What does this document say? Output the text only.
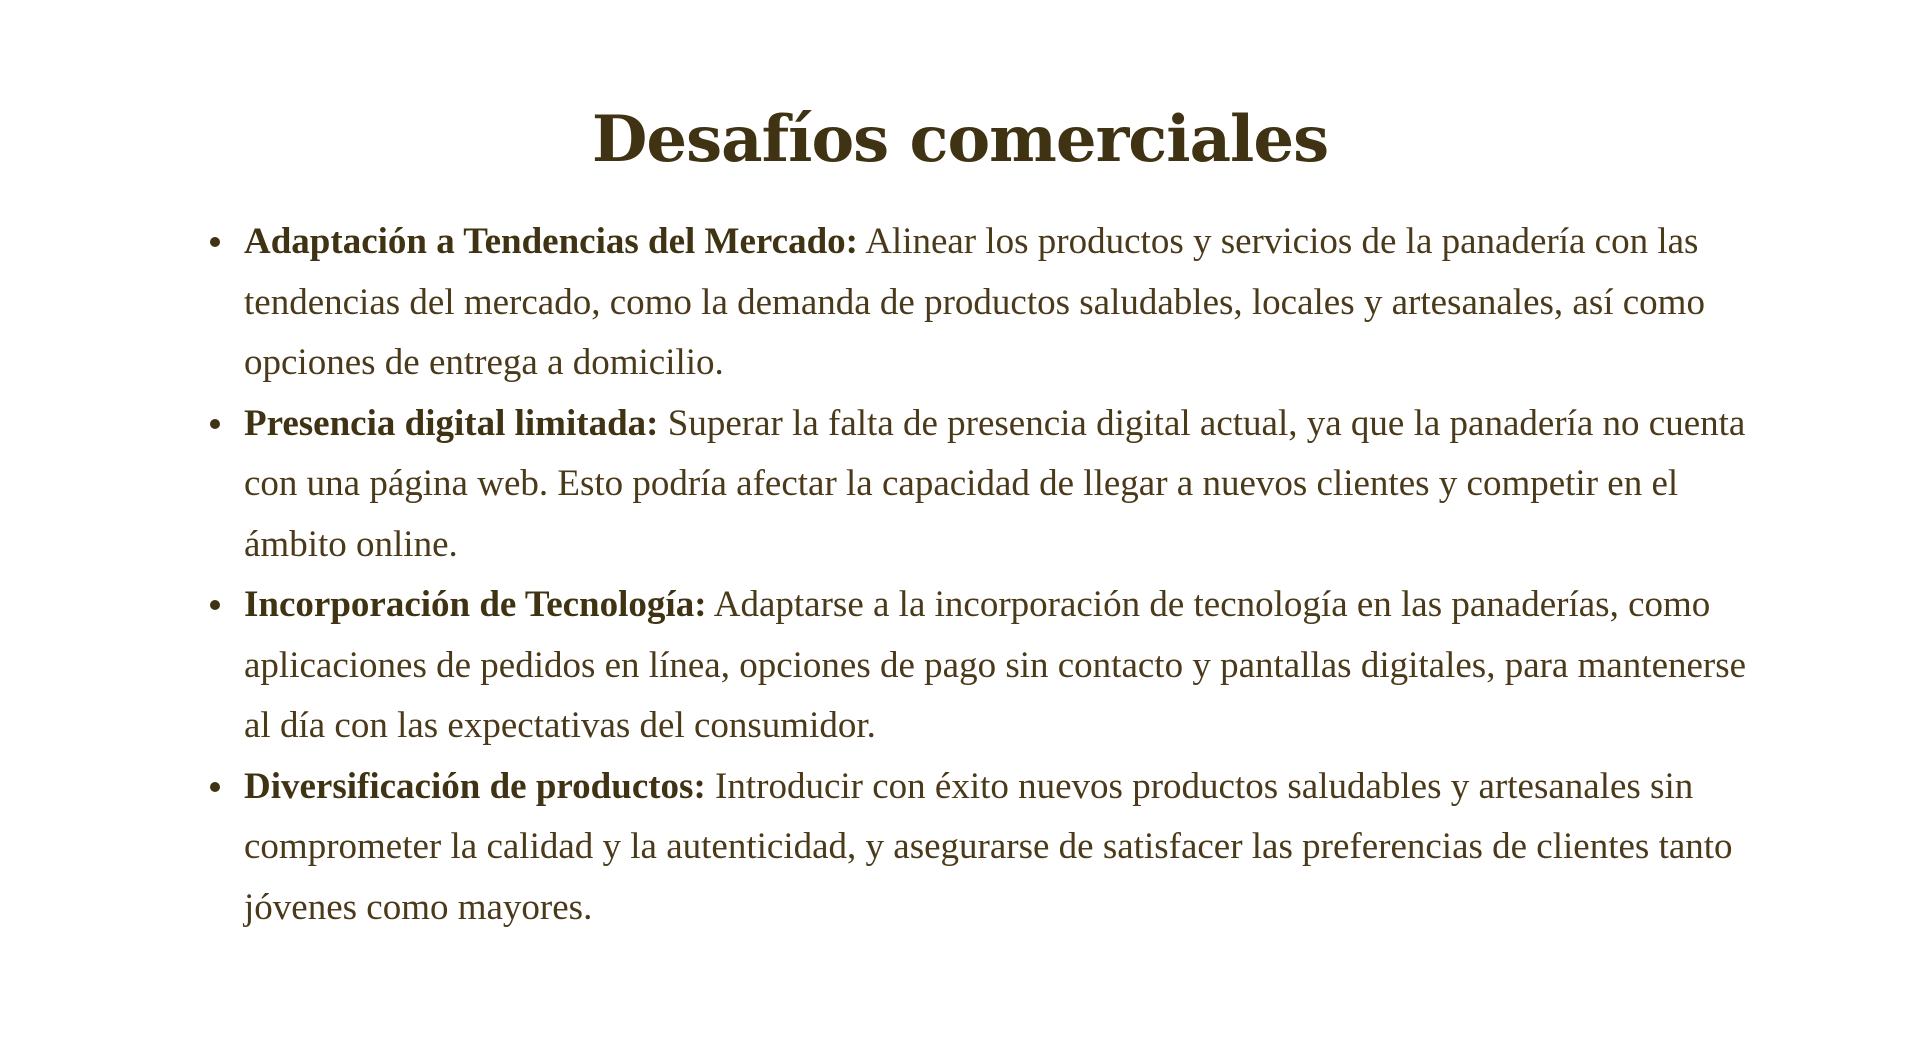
Desafíos comerciales
Adaptación a Tendencias del Mercado: Alinear los productos y servicios de la panadería con las tendencias del mercado, como la demanda de productos saludables, locales y artesanales, así como opciones de entrega a domicilio.
Presencia digital limitada: Superar la falta de presencia digital actual, ya que la panadería no cuenta con una página web. Esto podría afectar la capacidad de llegar a nuevos clientes y competir en el ámbito online.
Incorporación de Tecnología: Adaptarse a la incorporación de tecnología en las panaderías, como aplicaciones de pedidos en línea, opciones de pago sin contacto y pantallas digitales, para mantenerse al día con las expectativas del consumidor.
Diversificación de productos: Introducir con éxito nuevos productos saludables y artesanales sin comprometer la calidad y la autenticidad, y asegurarse de satisfacer las preferencias de clientes tanto jóvenes como mayores.
